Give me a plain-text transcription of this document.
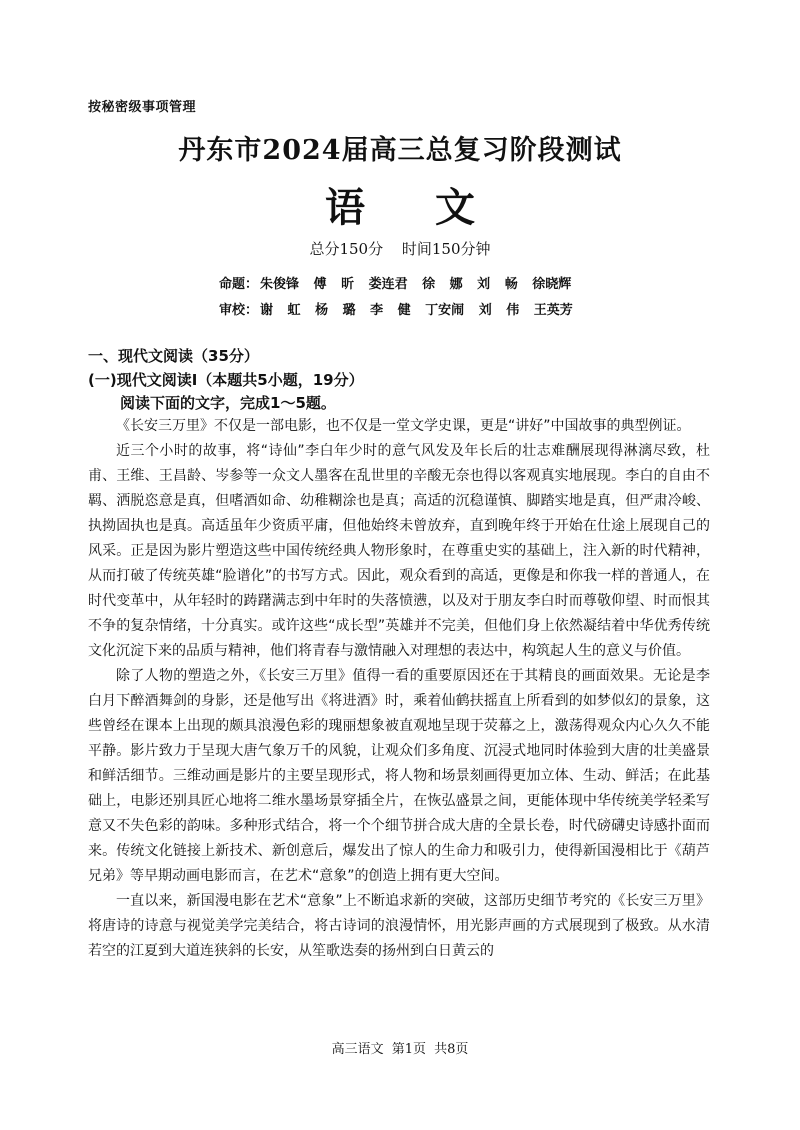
按秘密级事项管理
丹东市2024届高三总复习阶段测试
语文
总分150分 时间150分钟
命题： 朱俊锋 傅 昕 娄连君 徐 娜 刘 畅 徐晓辉
审校： 谢 虹 杨 璐 李 健 丁安闹 刘 伟 王英芳
一、现代文阅读（35分）
(一)现代文阅读Ⅰ（本题共5小题，19分）
阅读下面的文字，完成1～5题。

《长安三万里》不仅是一部电影，也不仅是一堂文学史课，更是“讲好”中国故事的典型例证。

近三个小时的故事，将“诗仙”李白年少时的意气风发及年长后的壮志难酬展现得淋漓尽致，杜甫、王维、王昌龄、岑参等一众文人墨客在乱世里的辛酸无奈也得以客观真实地展现。李白的自由不羁、洒脱恣意是真，但嗜酒如命、幼稚糊涂也是真；高适的沉稳谨慎、脚踏实地是真，但严肃冷峻、执拗固执也是真。高适虽年少资质平庸，但他始终未曾放弃，直到晚年终于开始在仕途上展现自己的风采。正是因为影片塑造这些中国传统经典人物形象时，在尊重史实的基础上，注入新的时代精神，从而打破了传统英雄“脸谱化”的书写方式。因此，观众看到的高适，更像是和你我一样的普通人，在时代变革中，从年轻时的踌躇满志到中年时的失落愤懑，以及对于朋友李白时而尊敬仰望、时而恨其不争的复杂情绪，十分真实。或许这些“成长型”英雄并不完美，但他们身上依然凝结着中华优秀传统文化沉淀下来的品质与精神，他们将青春与激情融入对理想的表达中，构筑起人生的意义与价值。

除了人物的塑造之外，《长安三万里》值得一看的重要原因还在于其精良的画面效果。无论是李白月下醉酒舞剑的身影，还是他写出《将进酒》时，乘着仙鹤扶摇直上所看到的如梦似幻的景象，这些曾经在课本上出现的颇具浪漫色彩的瑰丽想象被直观地呈现于荧幕之上，激荡得观众内心久久不能平静。影片致力于呈现大唐气象万千的风貌，让观众们多角度、沉浸式地同时体验到大唐的壮美盛景和鲜活细节。三维动画是影片的主要呈现形式，将人物和场景刻画得更加立体、生动、鲜活；在此基础上，电影还别具匠心地将二维水墨场景穿插全片，在恢弘盛景之间，更能体现中华传统美学轻柔写意又不失色彩的韵味。多种形式结合，将一个个细节拼合成大唐的全景长卷，时代磅礴史诗感扑面而来。传统文化链接上新技术、新创意后，爆发出了惊人的生命力和吸引力，使得新国漫相比于《葫芦兄弟》等早期动画电影而言，在艺术“意象”的创造上拥有更大空间。

一直以来，新国漫电影在艺术“意象”上不断追求新的突破，这部历史细节考究的《长安三万里》将唐诗的诗意与视觉美学完美结合，将古诗词的浪漫情怀，用光影声画的方式展现到了极致。从水清若空的江夏到大道连狭斜的长安，从笙歌迭奏的扬州到白日黄云的

高三语文 第1页 共8页
